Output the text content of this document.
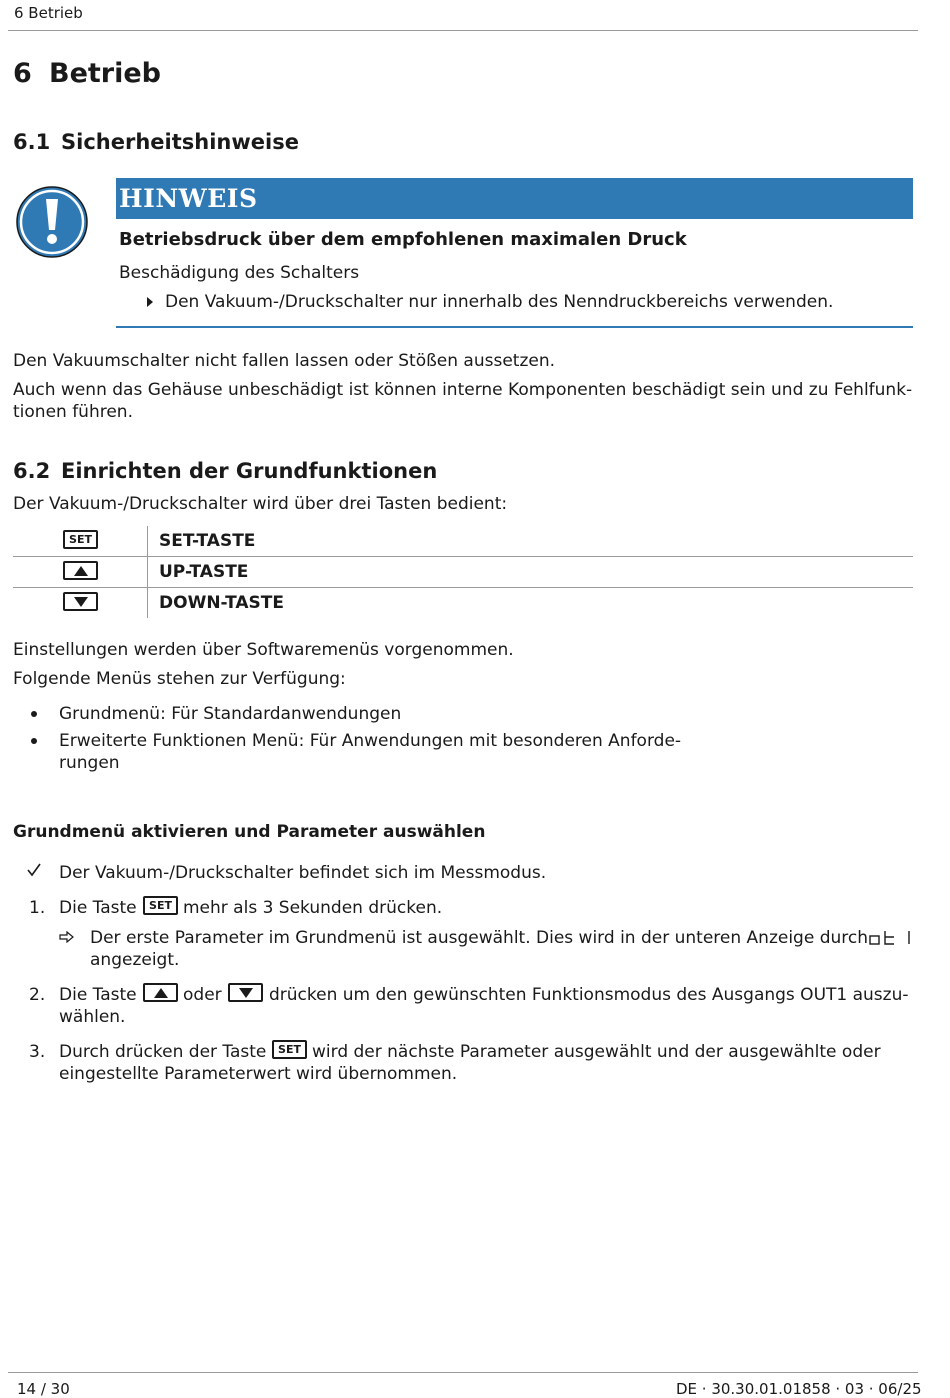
6 Betrieb
6 Betrieb
6.1 Sicherheitshinweise
HINWEIS
Betriebsdruck über dem empfohlenen maximalen Druck
Beschädigung des Schalters
Den Vakuum-/Druckschalter nur innerhalb des Nenndruckbereichs verwenden.
Den Vakuumschalter nicht fallen lassen oder Stößen aussetzen.
Auch wenn das Gehäuse unbeschädigt ist können interne Komponenten beschädigt sein und zu Fehlfunk-
tionen führen.
6.2 Einrichten der Grundfunktionen
Der Vakuum-/Druckschalter wird über drei Tasten bedient:
SET	SET-TASTE
UP-TASTE
DOWN-TASTE
Einstellungen werden über Softwaremenüs vorgenommen.
Folgende Menüs stehen zur Verfügung:
Grundmenü: Für Standardanwendungen
Erweiterte Funktionen Menü: Für Anwendungen mit besonderen Anforde-
rungen
Grundmenü aktivieren und Parameter auswählen
Der Vakuum-/Druckschalter befindet sich im Messmodus.
1. Die Taste SET mehr als 3 Sekunden drücken.
Der erste Parameter im Grundmenü ist ausgewählt. Dies wird in der unteren Anzeige durch
angezeigt.
2. Die Taste	oder	drücken um den gewünschten Funktionsmodus des Ausgangs OUT1 auszu-
wählen.
3. Durch drücken der Taste SET wird der nächste Parameter ausgewählt und der ausgewählte oder
eingestellte Parameterwert wird übernommen.
14 / 30	DE · 30.30.01.01858 · 03 · 06/25
